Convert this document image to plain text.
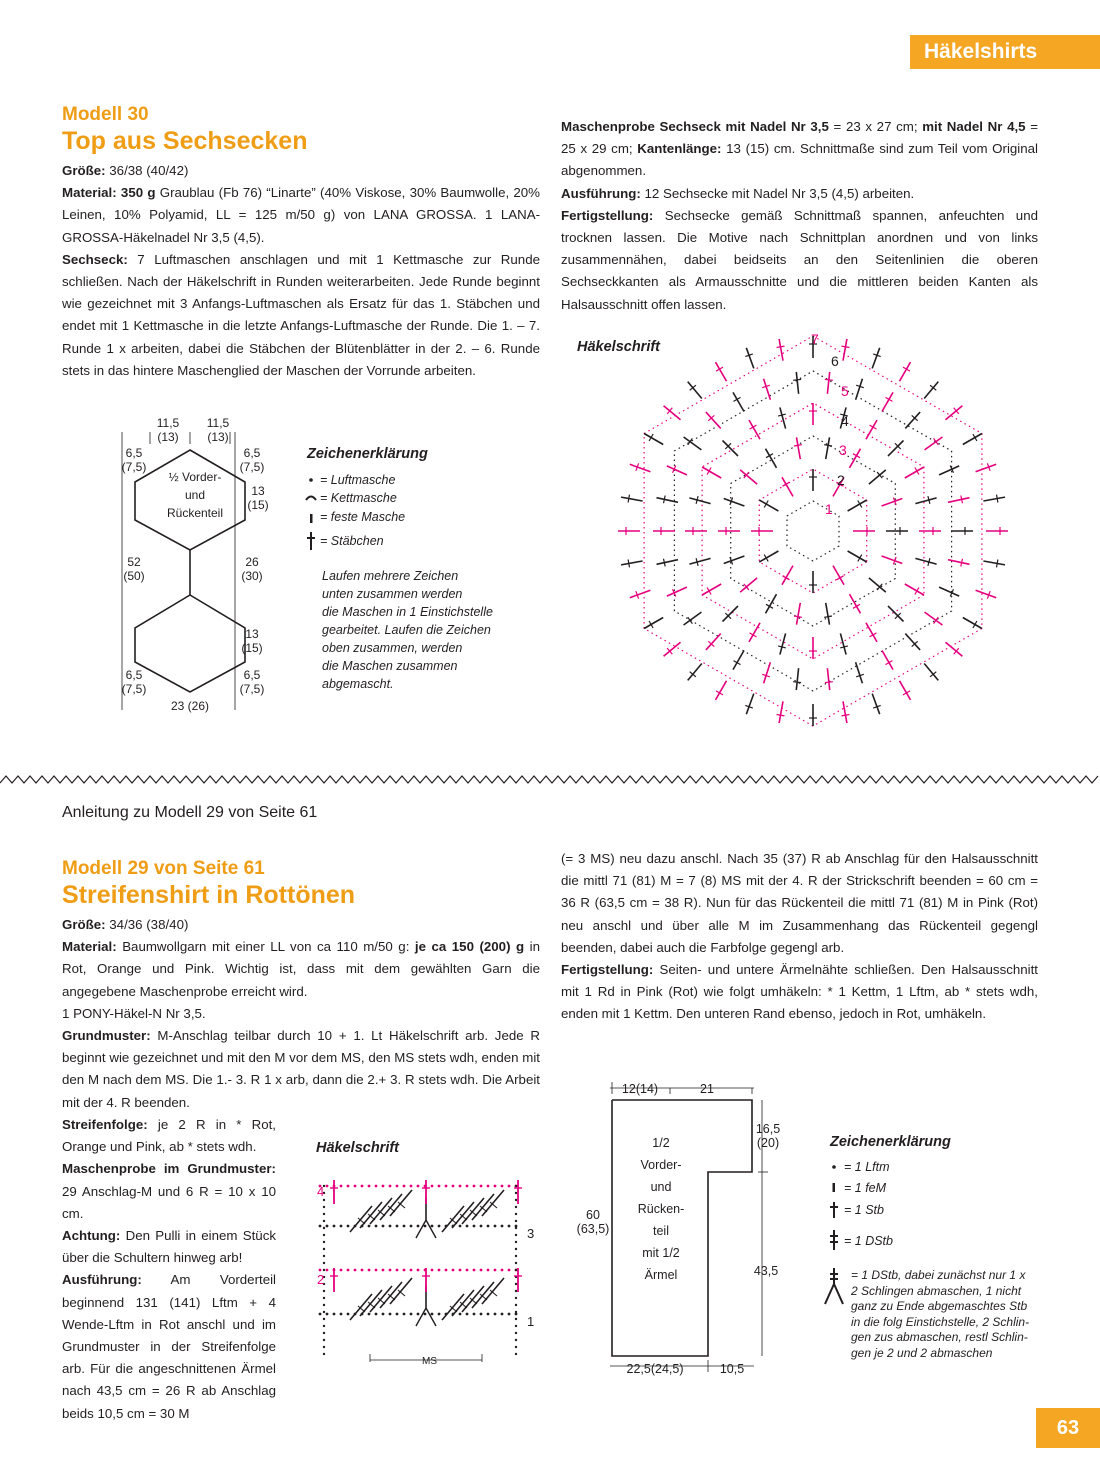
Häkelshirts
Modell 30
Top aus Sechsecken

Größe: 36/38 (40/42)

Material: 350 g Graublau (Fb 76) “Linarte” (40% Viskose, 30% Baumwolle, 20% Leinen, 10% Polyamid, LL = 125 m/50 g) von LANA GROSSA. 1 LANA-GROSSA-Häkelnadel Nr 3,5 (4,5).

Sechseck: 7 Luftmaschen anschlagen und mit 1 Kettmasche zur Runde schließen. Nach der Häkelschrift in Runden weiterarbeiten. Jede Runde beginnt wie gezeichnet mit 3 Anfangs-Luftmaschen als Ersatz für das 1. Stäbchen und endet mit 1 Kettmasche in die letzte Anfangs-Luftmasche der Runde. Die 1. – 7. Runde 1 x arbeiten, dabei die Stäbchen der Blütenblätter in der 2. – 6. Runde stets in das hintere Maschenglied der Maschen der Vorrunde arbeiten.

Maschenprobe Sechseck mit Nadel Nr 3,5 = 23 x 27 cm; mit Nadel Nr 4,5 = 25 x 29 cm; Kantenlänge: 13 (15) cm. Schnittmaße sind zum Teil vom Original abgenommen.

Ausführung: 12 Sechsecke mit Nadel Nr 3,5 (4,5) arbeiten.

Fertigstellung: Sechsecke gemäß Schnittmaß spannen, anfeuchten und trocknen lassen. Die Motive nach Schnittplan anordnen und von links zusammennähen, dabei beidseits an den Seitenlinien die oberen Sechseckkanten als Armausschnitte und die mittleren beiden Kanten als Halsausschnitt offen lassen.

11,5
(13)
11,5
(13)
6,5
(7,5)
6,5
(7,5)
13
(15)
½ Vorder-
und
Rückenteil
52
(50)
26
(30)
13
(15)
6,5
(7,5)
6,5
(7,5)
23 (26)
Zeichenerklärung
= Luftmasche
= Kettmasche
= feste Masche
= Stäbchen
Laufen mehrere Zeichen
unten zusammen werden
die Maschen in 1 Einstichstelle
gearbeitet. Laufen die Zeichen
oben zusammen, werden
die Maschen zusammen
abgemascht.
Häkelschrift	7
6
5
4
3
2
1
Anleitung zu Modell 29 von Seite 61
Modell 29 von Seite 61
Streifenshirt in Rottönen

Größe: 34/36 (38/40)

Material: Baumwollgarn mit einer LL von ca 110 m/50 g: je ca 150 (200) g in Rot, Orange und Pink. Wichtig ist, dass mit dem gewählten Garn die angegebene Maschenprobe erreicht wird.

1 PONY-Häkel-N Nr 3,5.

Grundmuster: M-Anschlag teilbar durch 10 + 1. Lt Häkelschrift arb. Jede R beginnt wie gezeichnet und mit den M vor dem MS, den MS stets wdh, enden mit den M nach dem MS. Die 1.- 3. R 1 x arb, dann die 2.+ 3. R stets wdh. Die Arbeit mit der 4. R beenden.

Streifenfolge: je 2 R in * Rot, Orange und Pink, ab * stets wdh.

Maschenprobe im Grundmuster: 29 Anschlag-M und 6 R = 10 x 10 cm.

Achtung: Den Pulli in einem Stück über die Schultern hinweg arb!

Ausführung: Am Vorderteil beginnend 131 (141) Lftm + 4 Wende-Lftm in Rot anschl und im Grundmuster in der Streifenfolge arb. Für die angeschnittenen Ärmel nach 43,5 cm = 26 R ab Anschlag beids 10,5 cm = 30 M

(= 3 MS) neu dazu anschl. Nach 35 (37) R ab Anschlag für den Halsausschnitt die mittl 71 (81) M = 7 (8) MS mit der 4. R der Strickschrift beenden = 60 cm = 36 R (63,5 cm = 38 R). Nun für das Rückenteil die mittl 71 (81) M in Pink (Rot) neu anschl und über alle M im Zusammenhang das Rückenteil gegengl beenden, dabei auch die Farbfolge gegengl arb.

Fertigstellung: Seiten- und untere Ärmelnähte schließen. Den Halsausschnitt mit 1 Rd in Pink (Rot) wie folgt umhäkeln: * 1 Kettm, 1 Lftm, ab * stets wdh, enden mit 1 Kettm. Den unteren Rand ebenso, jedoch in Rot, umhäkeln.

Häkelschrift
4
3
2
1
MS
12(14)	21
16,5
(20)
1/2
Vorder-
und
Rücken-
teil
mit 1/2
Ärmel
60
(63,5)
43,5
22,5(24,5)	10,5
Zeichenerklärung
= 1 Lftm
= 1 feM
= 1 Stb
= 1 DStb
= 1 DStb, dabei zunächst nur 1 x
2 Schlingen abmaschen, 1 nicht
ganz zu Ende abgemaschtes Stb
in die folg Einstichstelle, 2 Schlin-
gen zus abmaschen, restl Schlin-
gen je 2 und 2 abmaschen
63
